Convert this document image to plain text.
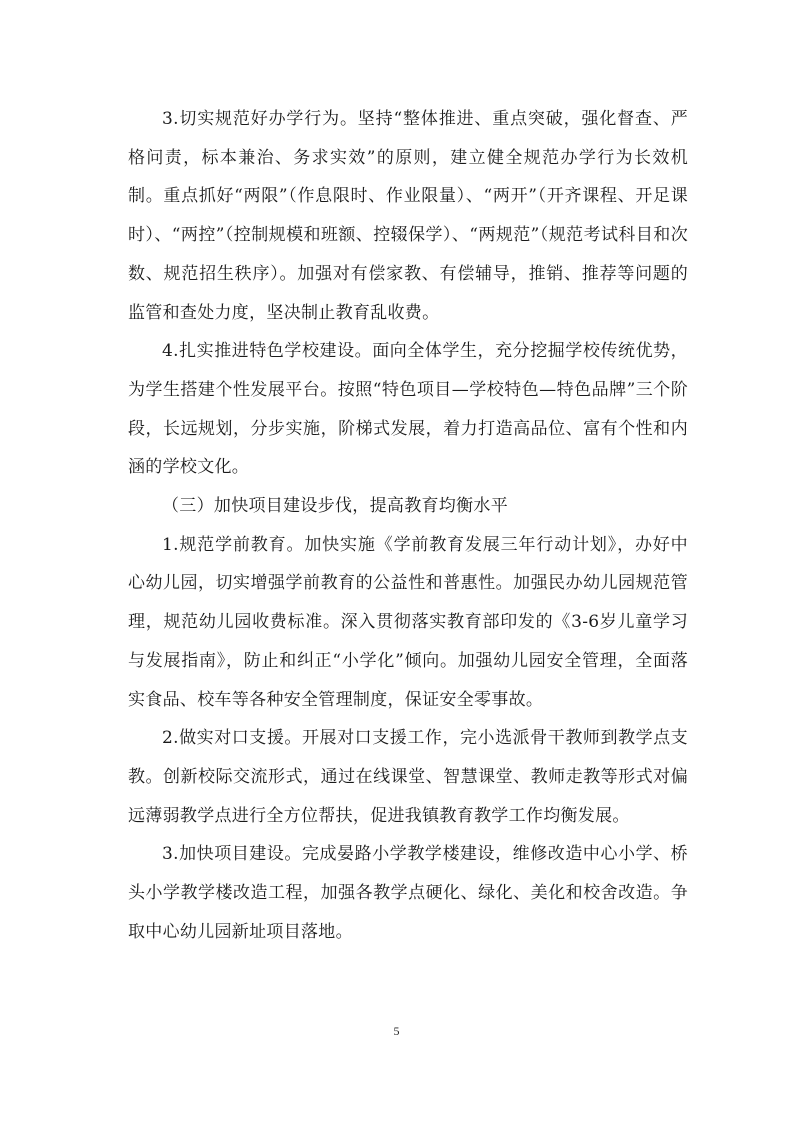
3.切实规范好办学行为。坚持“整体推进、重点突破，强化督查、严格问责，标本兼治、务求实效”的原则，建立健全规范办学行为长效机制。重点抓好“两限”（作息限时、作业限量）、“两开”（开齐课程、开足课时）、“两控”（控制规模和班额、控辍保学）、“两规范”（规范考试科目和次数、规范招生秩序）。加强对有偿家教、有偿辅导，推销、推荐等问题的监管和查处力度，坚决制止教育乱收费。

4.扎实推进特色学校建设。面向全体学生，充分挖掘学校传统优势，为学生搭建个性发展平台。按照“特色项目—学校特色—特色品牌”三个阶段，长远规划，分步实施，阶梯式发展，着力打造高品位、富有个性和内涵的学校文化。

（三）加快项目建设步伐，提高教育均衡水平

1.规范学前教育。加快实施《学前教育发展三年行动计划》，办好中心幼儿园，切实增强学前教育的公益性和普惠性。加强民办幼儿园规范管理，规范幼儿园收费标准。深入贯彻落实教育部印发的《3-6岁儿童学习与发展指南》，防止和纠正“小学化”倾向。加强幼儿园安全管理，全面落实食品、校车等各种安全管理制度，保证安全零事故。

2.做实对口支援。开展对口支援工作，完小选派骨干教师到教学点支教。创新校际交流形式，通过在线课堂、智慧课堂、教师走教等形式对偏远薄弱教学点进行全方位帮扶，促进我镇教育教学工作均衡发展。

3.加快项目建设。完成晏路小学教学楼建设，维修改造中心小学、桥头小学教学楼改造工程，加强各教学点硬化、绿化、美化和校舍改造。争取中心幼儿园新址项目落地。

5
